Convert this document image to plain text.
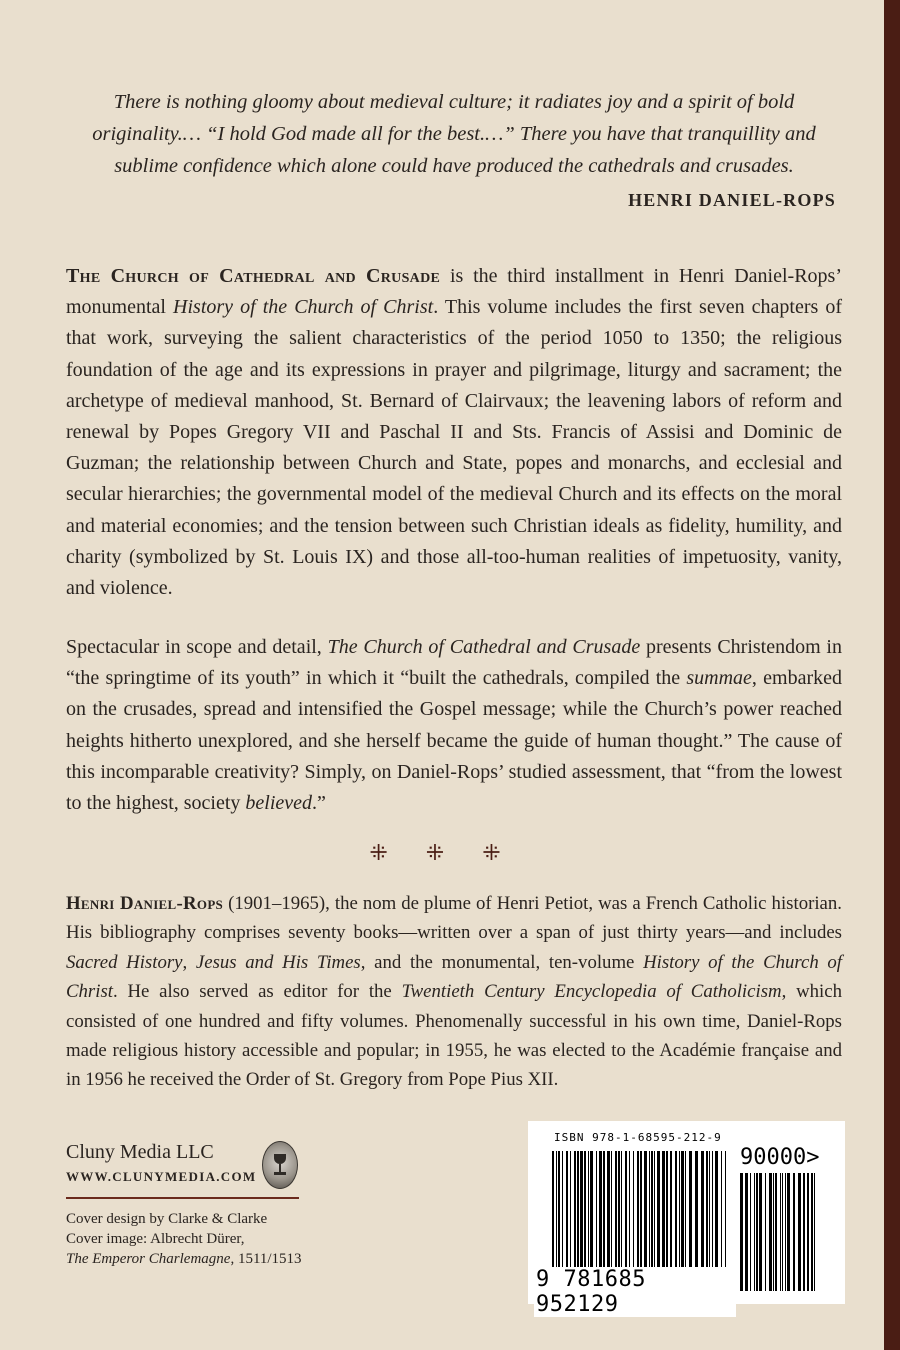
There is nothing gloomy about medieval culture; it radiates joy and a spirit of bold originality.… “I hold God made all for the best.…” There you have that tranquillity and sublime confidence which alone could have produced the cathedrals and crusades.
HENRI DANIEL-ROPS
The Church of Cathedral and Crusade is the third installment in Henri Daniel-Rops’ monumental History of the Church of Christ. This volume includes the first seven chapters of that work, surveying the salient characteristics of the period 1050 to 1350; the religious foundation of the age and its expressions in prayer and pilgrimage, liturgy and sacrament; the archetype of medieval manhood, St. Bernard of Clairvaux; the leavening labors of reform and renewal by Popes Gregory VII and Paschal II and Sts. Francis of Assisi and Dominic de Guzman; the relationship between Church and State, popes and monarchs, and ecclesial and secular hierarchies; the governmental model of the medieval Church and its effects on the moral and material economies; and the tension between such Christian ideals as fidelity, humility, and charity (symbolized by St. Louis IX) and those all-too-human realities of impetuosity, vanity, and violence.
Spectacular in scope and detail, The Church of Cathedral and Crusade presents Christendom in “the springtime of its youth” in which it “built the cathedrals, compiled the summae, embarked on the crusades, spread and intensified the Gospel message; while the Church’s power reached heights hitherto unexplored, and she herself became the guide of human thought.” The cause of this incomparable creativity? Simply, on Daniel-Rops’ studied assessment, that “from the lowest to the highest, society believed.”
⁜⁜⁜
Henri Daniel-Rops (1901–1965), the nom de plume of Henri Petiot, was a French Catholic historian. His bibliography comprises seventy books—written over a span of just thirty years—and includes Sacred History, Jesus and His Times, and the monumental, ten-volume History of the Church of Christ. He also served as editor for the Twentieth Century Encyclopedia of Catholicism, which consisted of one hundred and fifty volumes. Phenomenally successful in his own time, Daniel-Rops made religious history accessible and popular; in 1955, he was elected to the Académie française and in 1956 he received the Order of St. Gregory from Pope Pius XII.
Cluny Media LLC
WWW.CLUNYMEDIA.COM
Cover design by Clarke & Clarke
Cover image: Albrecht Dürer,
The Emperor Charlemagne, 1511/1513
ISBN 978-1-68595-212-9
90000>
9 781685 952129
